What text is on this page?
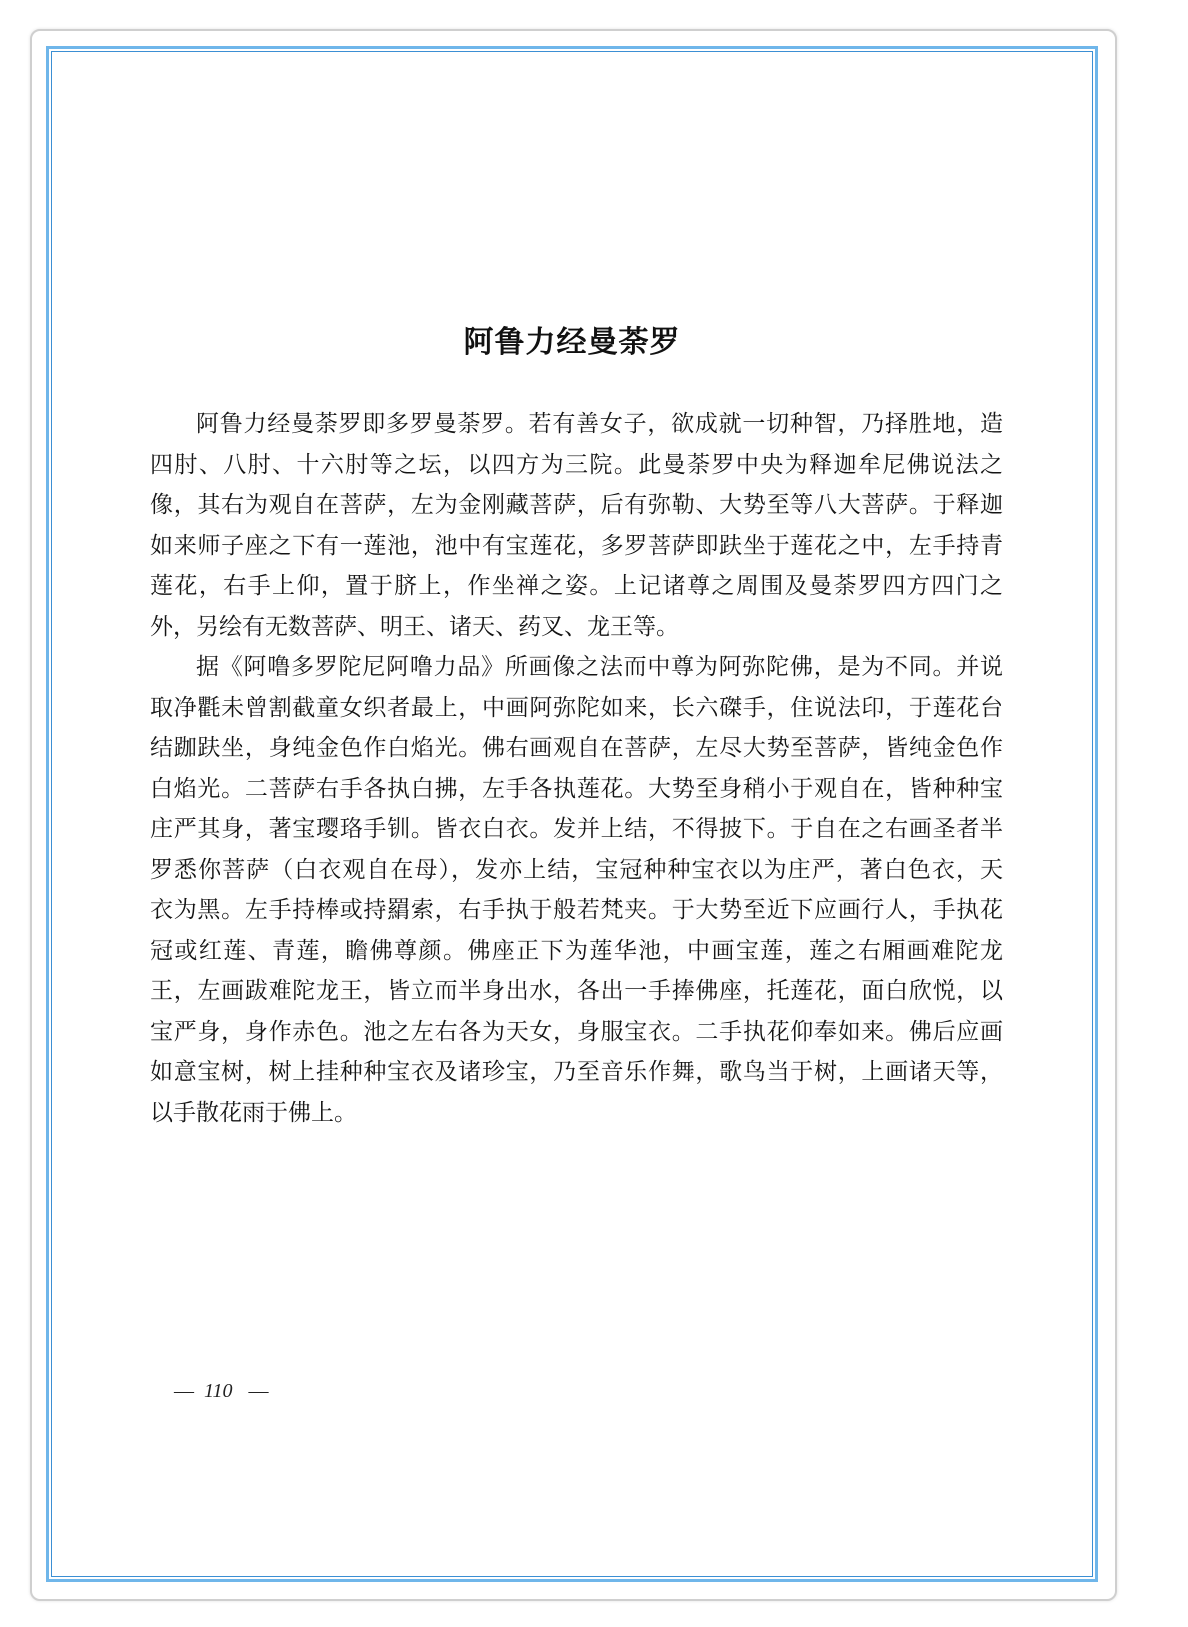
阿鲁力经曼荼罗
阿鲁力经曼荼罗即多罗曼荼罗。若有善女子，欲成就一切种智，乃择胜地，造
四肘、八肘、十六肘等之坛，以四方为三院。此曼荼罗中央为释迦牟尼佛说法之
像，其右为观自在菩萨，左为金刚藏菩萨，后有弥勒、大势至等八大菩萨。于释迦
如来师子座之下有一莲池，池中有宝莲花，多罗菩萨即趺坐于莲花之中，左手持青
莲花，右手上仰，置于脐上，作坐禅之姿。上记诸尊之周围及曼荼罗四方四门之
外，另绘有无数菩萨、明王、诸天、药叉、龙王等。
据《阿噜多罗陀尼阿噜力品》所画像之法而中尊为阿弥陀佛，是为不同。并说
取净氍未曾割截童女织者最上，中画阿弥陀如来，长六磔手，住说法印，于莲花台
结跏趺坐，身纯金色作白焰光。佛右画观自在菩萨，左尽大势至菩萨，皆纯金色作
白焰光。二菩萨右手各执白拂，左手各执莲花。大势至身稍小于观自在，皆种种宝
庄严其身，著宝璎珞手钏。皆衣白衣。发并上结，不得披下。于自在之右画圣者半
罗悉你菩萨（白衣观自在母），发亦上结，宝冠种种宝衣以为庄严，著白色衣，天
衣为黑。左手持棒或持羂索，右手执于般若梵夹。于大势至近下应画行人，手执花
冠或红莲、青莲，瞻佛尊颜。佛座正下为莲华池，中画宝莲，莲之右厢画难陀龙
王，左画跋难陀龙王，皆立而半身出水，各出一手捧佛座，托莲花，面白欣悦，以
宝严身，身作赤色。池之左右各为天女，身服宝衣。二手执花仰奉如来。佛后应画
如意宝树，树上挂种种宝衣及诸珍宝，乃至音乐作舞，歌鸟当于树，上画诸天等，
以手散花雨于佛上。
— 110 —
